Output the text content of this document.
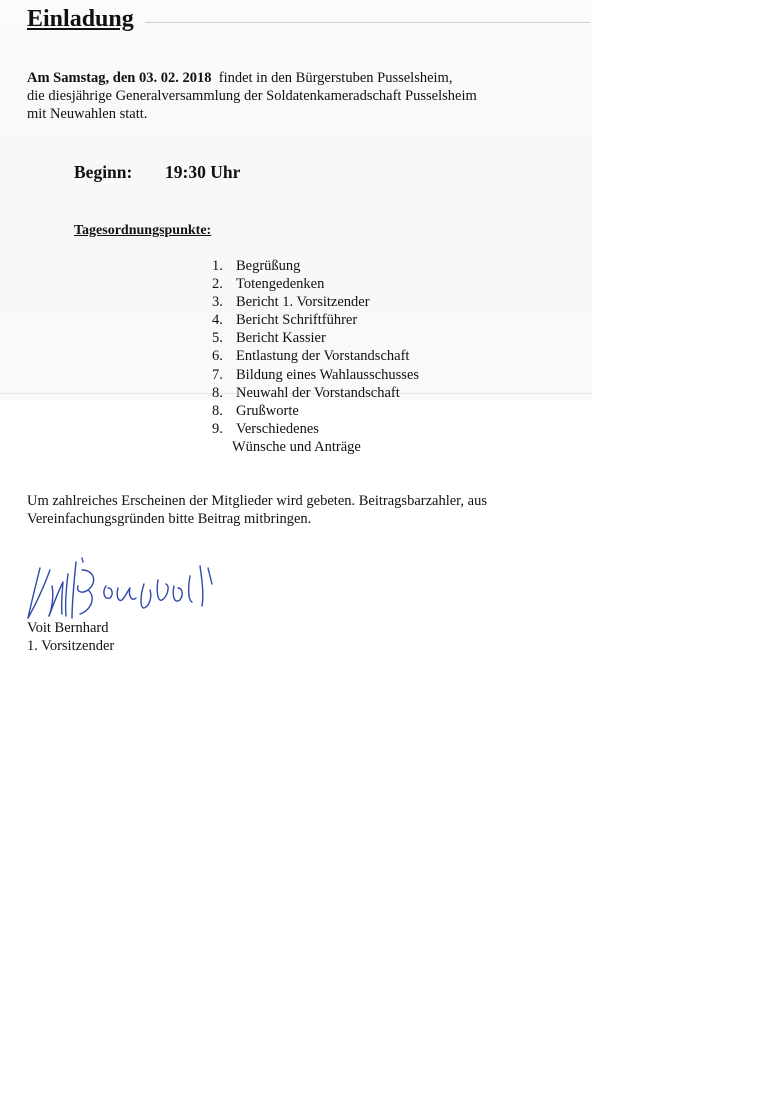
Einladung
Am Samstag, den 03. 02. 2018 findet in den Bürgerstuben Pusselsheim,
die diesjährige Generalversammlung der Soldatenkameradschaft Pusselsheim
mit Neuwahlen statt.
Beginn: 19:30 Uhr
Tagesordnungspunkte:
1. Begrüßung
2. Totengedenken
3. Bericht 1. Vorsitzender
4. Bericht Schriftführer
5. Bericht Kassier
6. Entlastung der Vorstandschaft
7. Bildung eines Wahlausschusses
8. Neuwahl der Vorstandschaft
8. Grußworte
9. Verschiedenes
Wünsche und Anträge
Um zahlreiches Erscheinen der Mitglieder wird gebeten. Beitragsbarzahler, aus
Vereinfachungsgründen bitte Beitrag mitbringen.
Voit Bernhard
1. Vorsitzender
